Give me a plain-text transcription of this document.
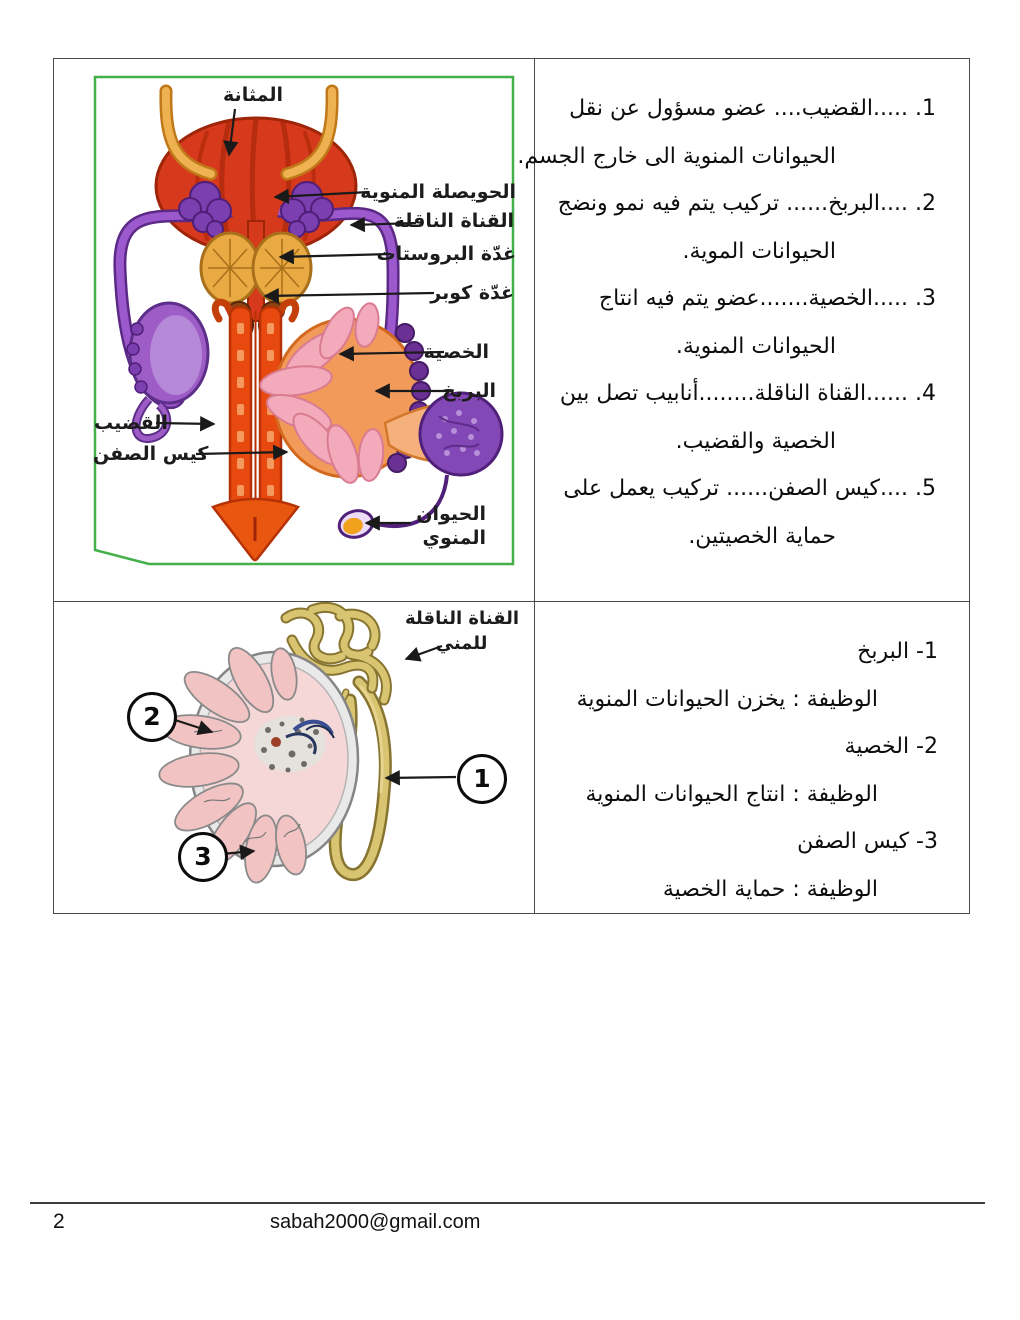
المثانة
الحويصلة المنوية
القناة الناقلة
غدّة البروستات
غدّة كوبر
الخصية
البربخ
القضيب
كيس الصفن
الحيوان
المنوي
1. .....القضيب.... عضو مسؤول عن نقل
الحيوانات المنوية الى خارج الجسم.
2. ....البربخ...... تركيب يتم فيه نمو ونضج
الحيوانات الموية.
3. .....الخصية.......عضو يتم فيه انتاج
الحيوانات المنوية.
4. ......القناة الناقلة........أنابيب تصل بين
الخصية والقضيب.
5. ....كيس الصفن...... تركيب يعمل على
حماية الخصيتين.
القناة الناقلة
للمني
2
1
3
1- البربخ
الوظيفة : يخزن الحيوانات المنوية
2- الخصية
الوظيفة : انتاج الحيوانات المنوية
3- كيس الصفن
الوظيفة : حماية الخصية
2	sabah2000@gmail.com
